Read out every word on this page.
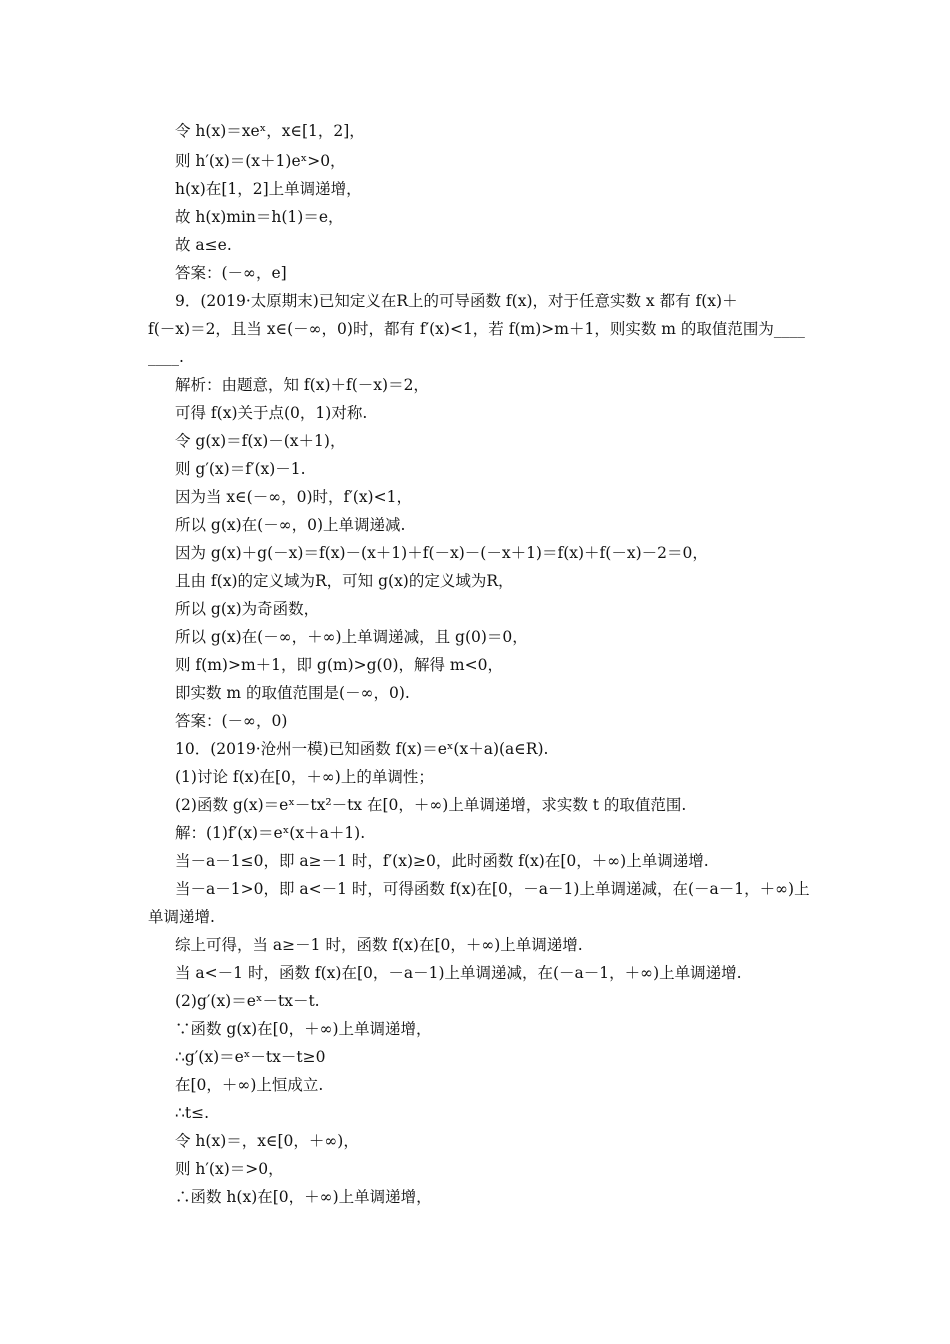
令 h(x)＝xeˣ，x∈[1，2]，
则 h′(x)＝(x＋1)eˣ>0，
h(x)在[1，2]上单调递增，
故 h(x)min＝h(1)＝e，
故 a≤e.
答案：(－∞，e]
9．(2019·太原期末)已知定义在R上的可导函数 f(x)，对于任意实数 x 都有 f(x)＋
f(－x)＝2，且当 x∈(－∞，0)时，都有 f′(x)<1，若 f(m)>m＋1，则实数 m 的取值范围为____
____.
解析：由题意，知 f(x)＋f(－x)＝2，
可得 f(x)关于点(0，1)对称.
令 g(x)＝f(x)－(x＋1)，
则 g′(x)＝f′(x)－1.
因为当 x∈(－∞，0)时，f′(x)<1，
所以 g(x)在(－∞，0)上单调递减.
因为 g(x)＋g(－x)＝f(x)－(x＋1)＋f(－x)－(－x＋1)＝f(x)＋f(－x)－2＝0，
且由 f(x)的定义域为R，可知 g(x)的定义域为R，
所以 g(x)为奇函数，
所以 g(x)在(－∞，＋∞)上单调递减，且 g(0)＝0，
则 f(m)>m＋1，即 g(m)>g(0)，解得 m<0，
即实数 m 的取值范围是(－∞，0).
答案：(－∞，0)
10．(2019·沧州一模)已知函数 f(x)＝eˣ(x＋a)(a∈R).
(1)讨论 f(x)在[0，＋∞)上的单调性；
(2)函数 g(x)＝eˣ－tx²－tx 在[0，＋∞)上单调递增，求实数 t 的取值范围.
解：(1)f′(x)＝eˣ(x＋a＋1).
当－a－1≤0，即 a≥－1 时，f′(x)≥0，此时函数 f(x)在[0，＋∞)上单调递增.
当－a－1>0，即 a<－1 时，可得函数 f(x)在[0，－a－1)上单调递减，在(－a－1，＋∞)上
单调递增.
综上可得，当 a≥－1 时，函数 f(x)在[0，＋∞)上单调递增.
当 a<－1 时，函数 f(x)在[0，－a－1)上单调递减，在(－a－1，＋∞)上单调递增.
(2)g′(x)＝eˣ－tx－t.
∵函数 g(x)在[0，＋∞)上单调递增，
∴g′(x)＝eˣ－tx－t≥0
在[0，＋∞)上恒成立.
∴t≤.
令 h(x)＝，x∈[0，＋∞)，
则 h′(x)＝>0，
∴函数 h(x)在[0，＋∞)上单调递增，
